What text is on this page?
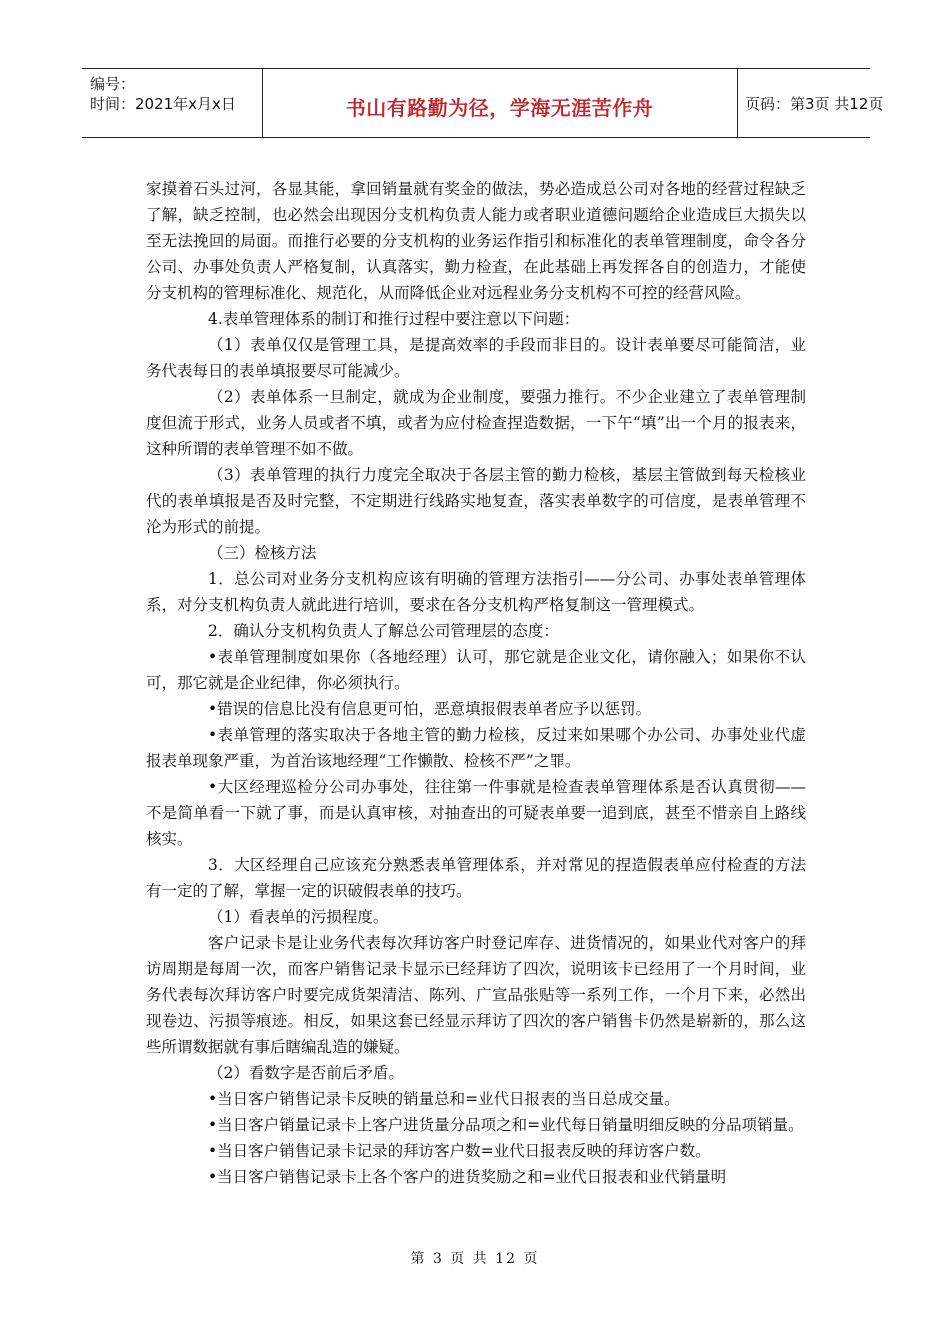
编号：
时间：2021年x月x日	书山有路勤为径，学海无涯苦作舟	页码：第3页 共12页

家摸着石头过河，各显其能，拿回销量就有奖金的做法，势必造成总公司对各地的经营过程缺乏了解，缺乏控制，也必然会出现因分支机构负责人能力或者职业道德问题给企业造成巨大损失以至无法挽回的局面。而推行必要的分支机构的业务运作指引和标准化的表单管理制度，命令各分公司、办事处负责人严格复制，认真落实，勤力检查，在此基础上再发挥各自的创造力，才能使分支机构的管理标准化、规范化，从而降低企业对远程业务分支机构不可控的经营风险。

4.表单管理体系的制订和推行过程中要注意以下问题：

（1）表单仅仅是管理工具，是提高效率的手段而非目的。设计表单要尽可能简洁，业务代表每日的表单填报要尽可能减少。

（2）表单体系一旦制定，就成为企业制度，要强力推行。不少企业建立了表单管理制度但流于形式，业务人员或者不填，或者为应付检查捏造数据，一下午“填”出一个月的报表来，这种所谓的表单管理不如不做。

（3）表单管理的执行力度完全取决于各层主管的勤力检核，基层主管做到每天检核业代的表单填报是否及时完整，不定期进行线路实地复查，落实表单数字的可信度，是表单管理不沦为形式的前提。

（三）检核方法

1．总公司对业务分支机构应该有明确的管理方法指引——分公司、办事处表单管理体系，对分支机构负责人就此进行培训，要求在各分支机构严格复制这一管理模式。

2．确认分支机构负责人了解总公司管理层的态度：

•表单管理制度如果你（各地经理）认可，那它就是企业文化，请你融入；如果你不认可，那它就是企业纪律，你必须执行。

•错误的信息比没有信息更可怕，恶意填报假表单者应予以惩罚。

•表单管理的落实取决于各地主管的勤力检核，反过来如果哪个办公司、办事处业代虚报表单现象严重，为首治该地经理“工作懒散、检核不严”之罪。

•大区经理巡检分公司办事处，往往第一件事就是检查表单管理体系是否认真贯彻——不是简单看一下就了事，而是认真审核，对抽查出的可疑表单要一追到底，甚至不惜亲自上路线核实。

3．大区经理自己应该充分熟悉表单管理体系，并对常见的捏造假表单应付检查的方法有一定的了解，掌握一定的识破假表单的技巧。

（1）看表单的污损程度。

客户记录卡是让业务代表每次拜访客户时登记库存、进货情况的，如果业代对客户的拜访周期是每周一次，而客户销售记录卡显示已经拜访了四次，说明该卡已经用了一个月时间，业务代表每次拜访客户时要完成货架清洁、陈列、广宣品张贴等一系列工作，一个月下来，必然出现卷边、污损等痕迹。相反，如果这套已经显示拜访了四次的客户销售卡仍然是崭新的，那么这些所谓数据就有事后瞎编乱造的嫌疑。

（2）看数字是否前后矛盾。

•当日客户销售记录卡反映的销量总和=业代日报表的当日总成交量。

•当日客户销量记录卡上客户进货量分品项之和=业代每日销量明细反映的分品项销量。

•当日客户销售记录卡记录的拜访客户数=业代日报表反映的拜访客户数。

•当日客户销售记录卡上各个客户的进货奖励之和=业代日报表和业代销量明

第 3 页 共 12 页
